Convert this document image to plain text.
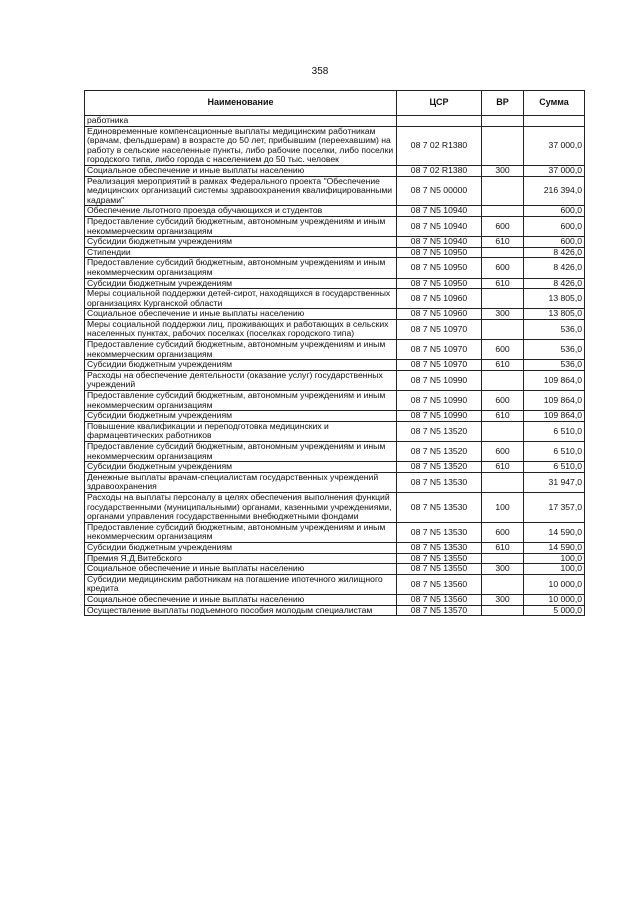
358
Наименование	ЦСР	ВР	Сумма
работника			
Единовременные компенсационные выплаты медицинским работникам (врачам, фельдшерам) в возрасте до 50 лет, прибывшим (переехавшим) на работу в сельские населенные пункты, либо рабочие поселки, либо поселки городского типа, либо города с населением до 50 тыс. человек	08 7 02 R1380		37 000,0
Социальное обеспечение и иные выплаты населению	08 7 02 R1380	300	37 000,0
Реализация мероприятий в рамках Федерального проекта "Обеспечение медицинских организаций системы здравоохранения квалифицированными кадрами"	08 7 N5 00000		216 394,0
Обеспечение льготного проезда обучающихся и студентов	08 7 N5 10940		600,0
Предоставление субсидий бюджетным, автономным учреждениям и иным некоммерческим организациям	08 7 N5 10940	600	600,0
Субсидии бюджетным учреждениям	08 7 N5 10940	610	600,0
Стипендии	08 7 N5 10950		8 426,0
Предоставление субсидий бюджетным, автономным учреждениям и иным некоммерческим организациям	08 7 N5 10950	600	8 426,0
Субсидии бюджетным учреждениям	08 7 N5 10950	610	8 426,0
Меры социальной поддержки детей-сирот, находящихся в государственных организациях Курганской области	08 7 N5 10960		13 805,0
Социальное обеспечение и иные выплаты населению	08 7 N5 10960	300	13 805,0
Меры социальной поддержки лиц, проживающих и работающих в сельских населенных пунктах, рабочих поселках (поселках городского типа)	08 7 N5 10970		536,0
Предоставление субсидий бюджетным, автономным учреждениям и иным некоммерческим организациям	08 7 N5 10970	600	536,0
Субсидии бюджетным учреждениям	08 7 N5 10970	610	536,0
Расходы на обеспечение деятельности (оказание услуг) государственных учреждений	08 7 N5 10990		109 864,0
Предоставление субсидий бюджетным, автономным учреждениям и иным некоммерческим организациям	08 7 N5 10990	600	109 864,0
Субсидии бюджетным учреждениям	08 7 N5 10990	610	109 864,0
Повышение квалификации и переподготовка медицинских и фармацевтических работников	08 7 N5 13520		6 510,0
Предоставление субсидий бюджетным, автономным учреждениям и иным некоммерческим организациям	08 7 N5 13520	600	6 510,0
Субсидии бюджетным учреждениям	08 7 N5 13520	610	6 510,0
Денежные выплаты врачам-специалистам государственных учреждений здравоохранения	08 7 N5 13530		31 947,0
Расходы на выплаты персоналу в целях обеспечения выполнения функций государственными (муниципальными) органами, казенными учреждениями, органами управления государственными внебюджетными фондами	08 7 N5 13530	100	17 357,0
Предоставление субсидий бюджетным, автономным учреждениям и иным некоммерческим организациям	08 7 N5 13530	600	14 590,0
Субсидии бюджетным учреждениям	08 7 N5 13530	610	14 590,0
Премия Я.Д.Витебского	08 7 N5 13550		100,0
Социальное обеспечение и иные выплаты населению	08 7 N5 13550	300	100,0
Субсидии медицинским работникам на погашение ипотечного жилищного кредита	08 7 N5 13560		10 000,0
Социальное обеспечение и иные выплаты населению	08 7 N5 13560	300	10 000,0
Осуществление выплаты подъемного пособия молодым специалистам	08 7 N5 13570		5 000,0
